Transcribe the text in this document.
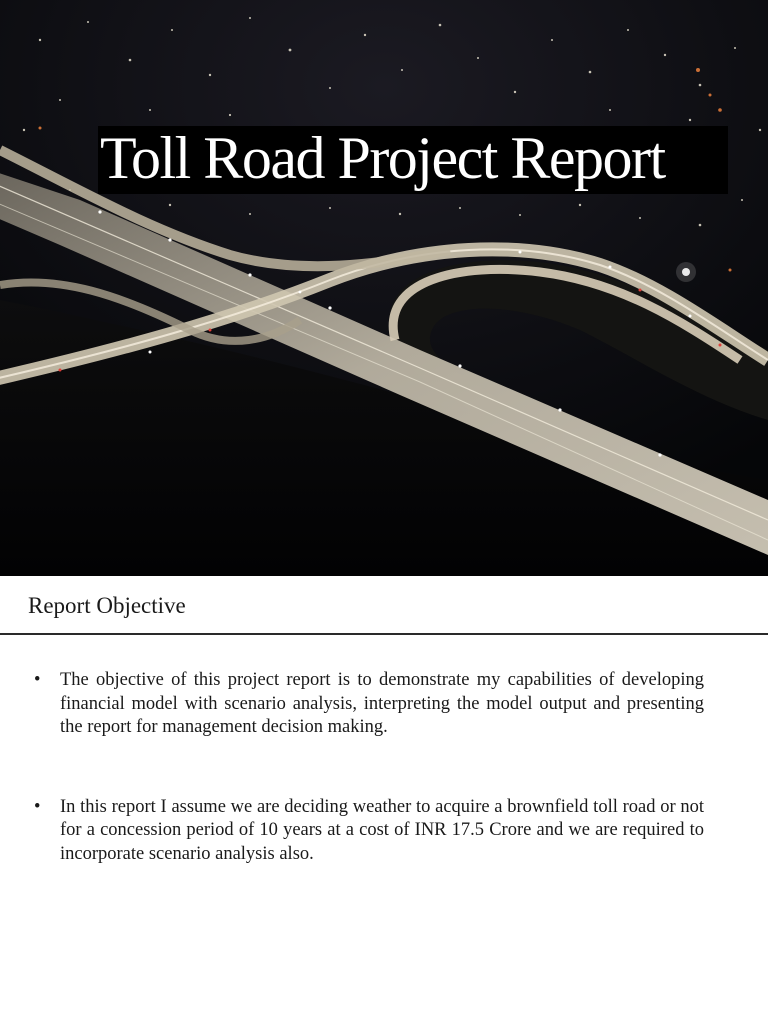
Toll Road Project Report
Report Objective
•	The objective of this project report is to demonstrate my capabilities of developing financial model with scenario analysis, interpreting the model output and presenting the report for management decision making.
•	In this report I assume we are deciding weather to acquire a brownfield toll road or not for a concession period of 10 years at a cost of INR 17.5 Crore and we are required to incorporate scenario analysis also.
